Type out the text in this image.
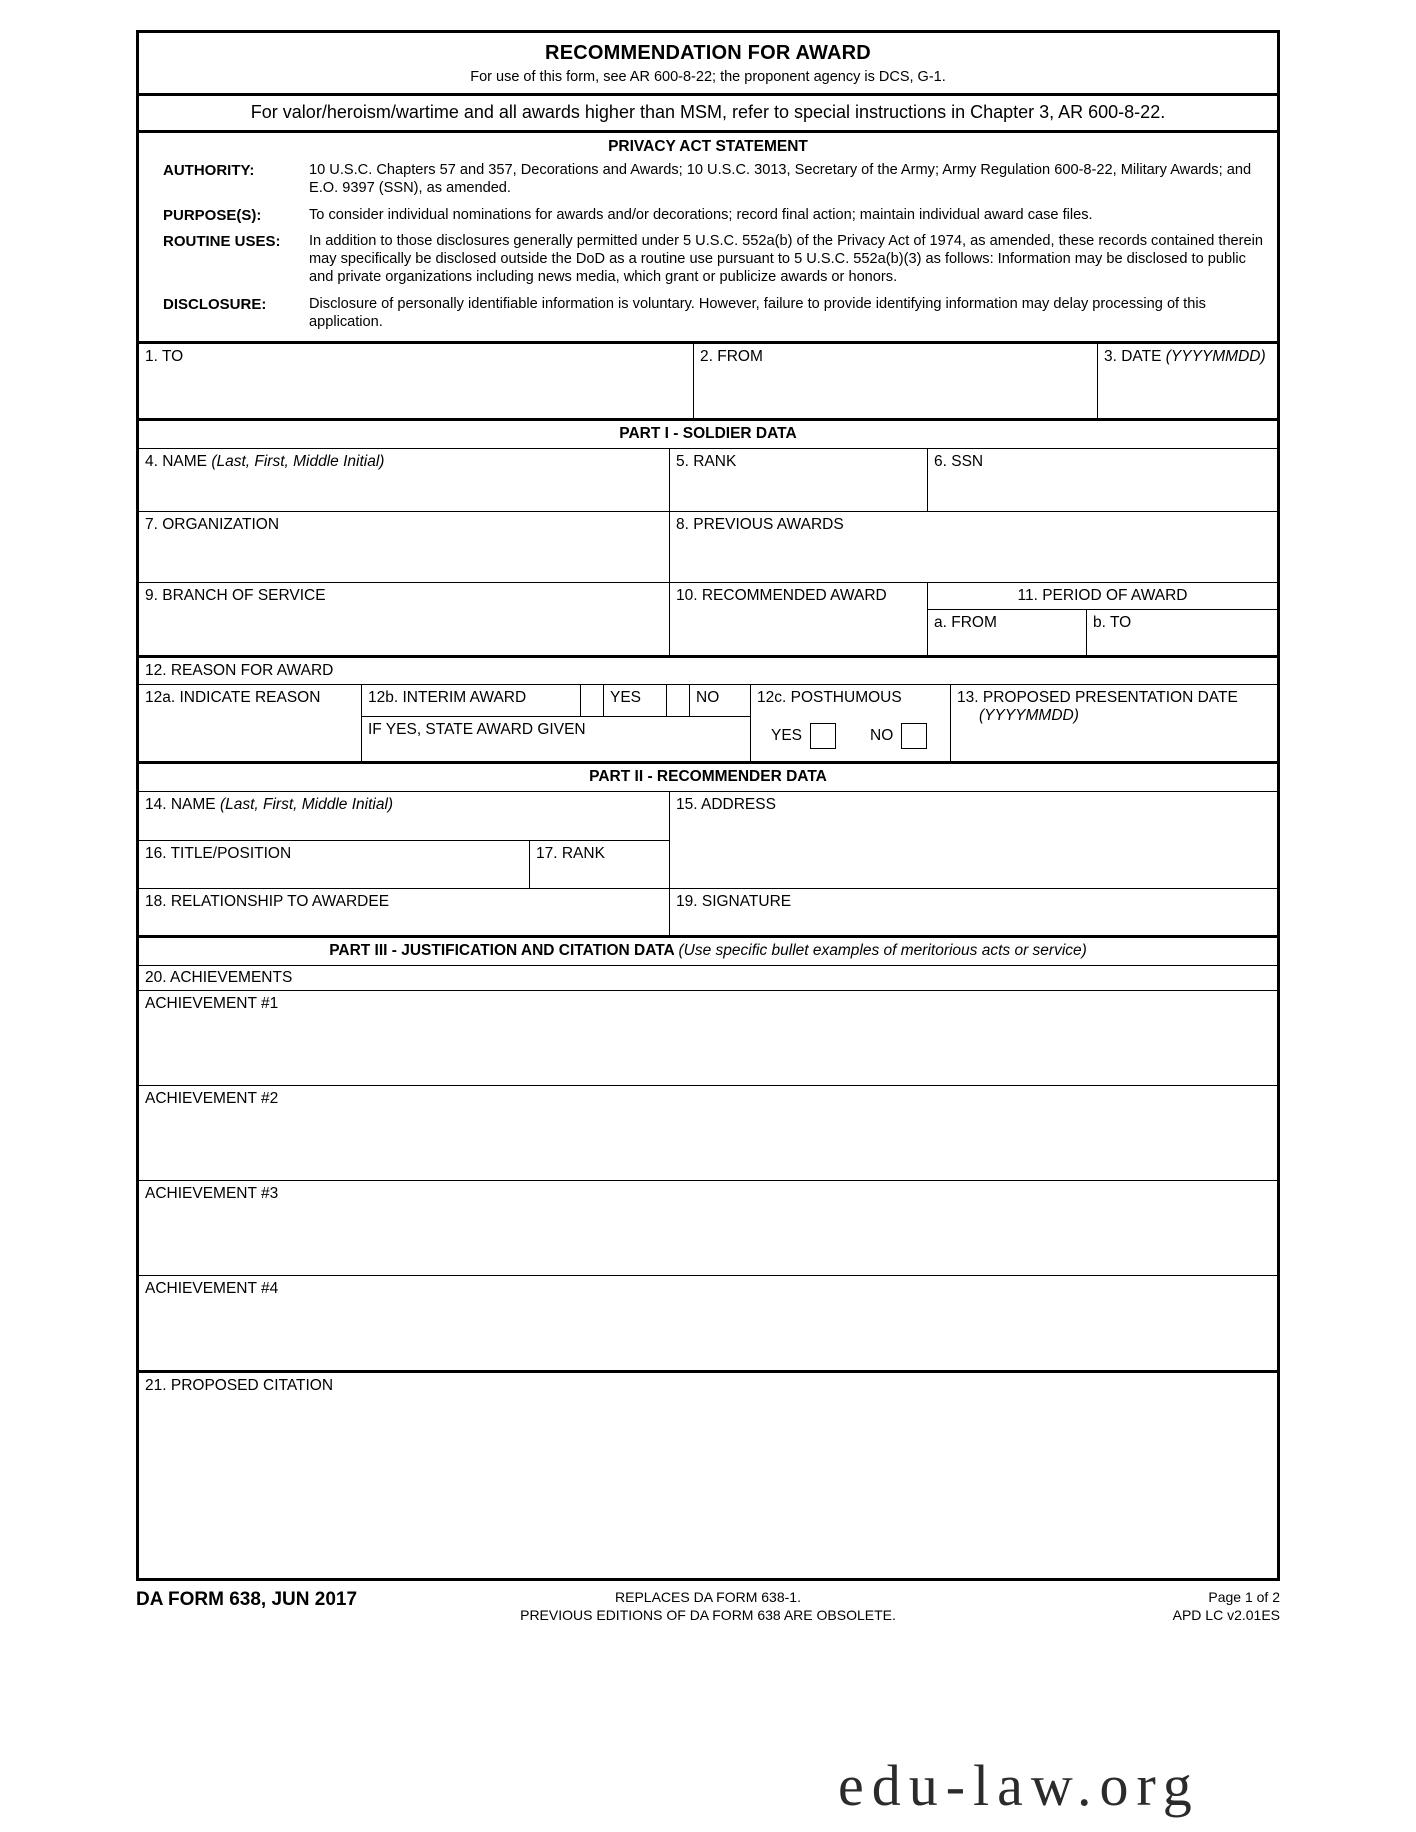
RECOMMENDATION FOR AWARD
For use of this form, see AR 600-8-22; the proponent agency is DCS, G-1.
For valor/heroism/wartime and all awards higher than MSM, refer to special instructions in Chapter 3, AR 600-8-22.
PRIVACY ACT STATEMENT
AUTHORITY:	10 U.S.C. Chapters 57 and 357, Decorations and Awards; 10 U.S.C. 3013, Secretary of the Army; Army Regulation 600-8-22, Military Awards; and E.O. 9397 (SSN), as amended.
PURPOSE(S):	To consider individual nominations for awards and/or decorations; record final action; maintain individual award case files.
ROUTINE USES:	In addition to those disclosures generally permitted under 5 U.S.C. 552a(b) of the Privacy Act of 1974, as amended, these records contained therein may specifically be disclosed outside the DoD as a routine use pursuant to 5 U.S.C. 552a(b)(3) as follows: Information may be disclosed to public and private organizations including news media, which grant or publicize awards or honors.
DISCLOSURE:	Disclosure of personally identifiable information is voluntary. However, failure to provide identifying information may delay processing of this application.
1. TO	2. FROM	3. DATE (YYYYMMDD)
PART I - SOLDIER DATA
4. NAME (Last, First, Middle Initial)	5. RANK	6. SSN
7. ORGANIZATION	8. PREVIOUS AWARDS
9. BRANCH OF SERVICE	10. RECOMMENDED AWARD	11. PERIOD OF AWARD
a. FROM	b. TO
12. REASON FOR AWARD
12a. INDICATE REASON	12b. INTERIM AWARD	YES	NO
IF YES, STATE AWARD GIVEN
12c. POSTHUMOUS
YES	NO
13. PROPOSED PRESENTATION DATE
(YYYYMMDD)
PART II - RECOMMENDER DATA
14. NAME (Last, First, Middle Initial)
16. TITLE/POSITION	17. RANK
15. ADDRESS
18. RELATIONSHIP TO AWARDEE	19. SIGNATURE
PART III - JUSTIFICATION AND CITATION DATA (Use specific bullet examples of meritorious acts or service)
20. ACHIEVEMENTS
ACHIEVEMENT #1
ACHIEVEMENT #2
ACHIEVEMENT #3
ACHIEVEMENT #4
21. PROPOSED CITATION
DA FORM 638, JUN 2017	REPLACES DA FORM 638-1.
PREVIOUS EDITIONS OF DA FORM 638 ARE OBSOLETE.
Page 1 of 2
APD LC v2.01ES
edu-law.org
